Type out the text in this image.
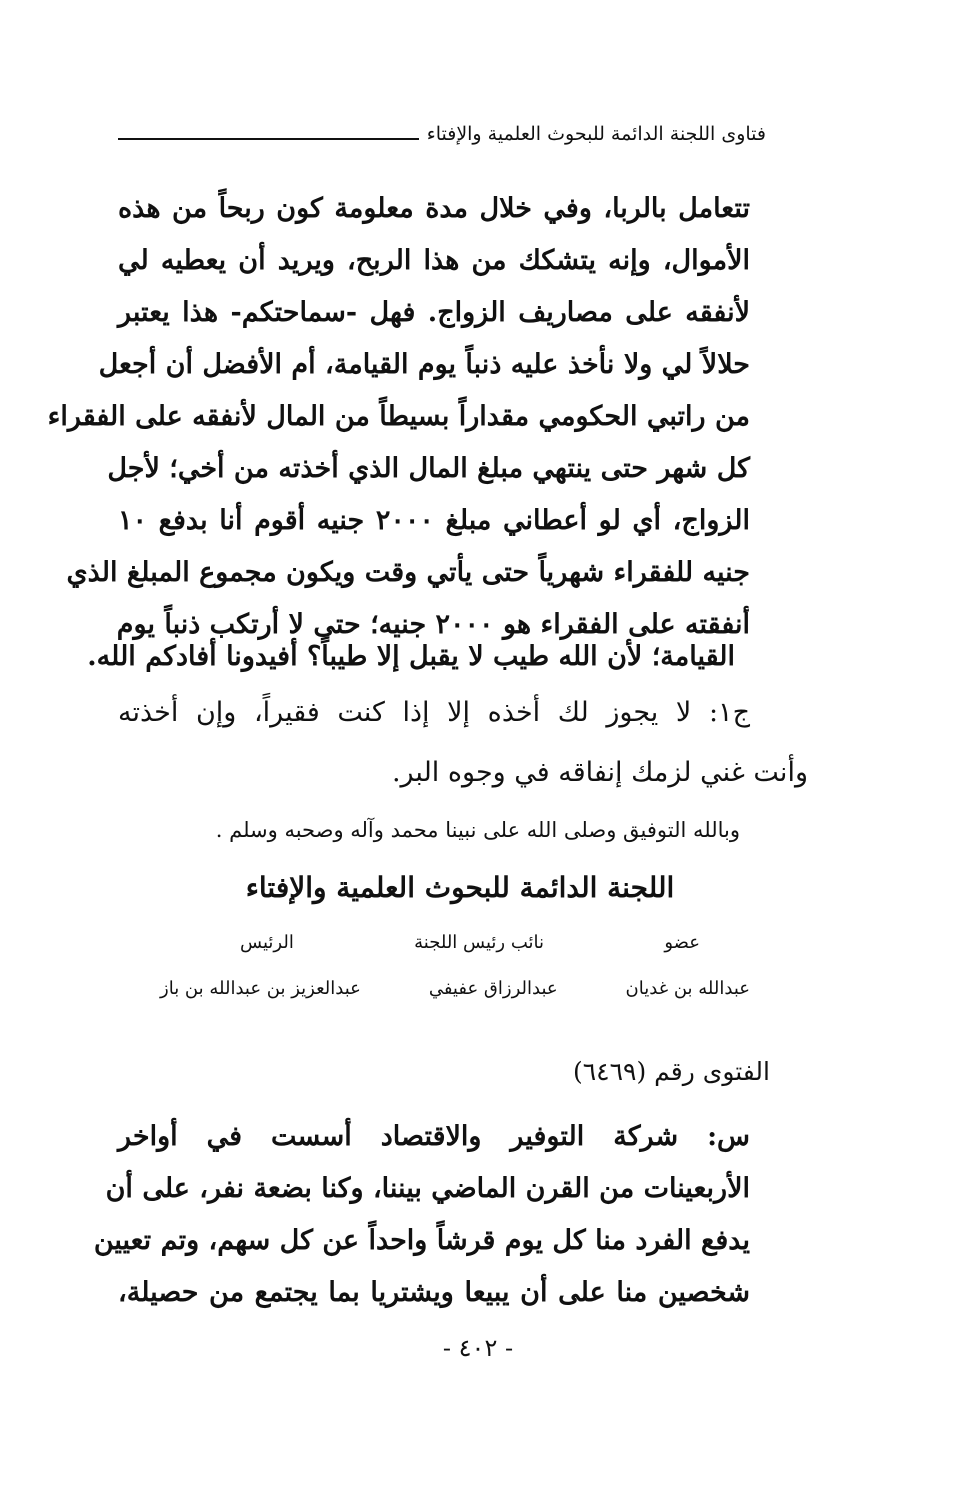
فتاوى اللجنة الدائمة للبحوث العلمية والإفتاء
تتعامل بالربا، وفي خلال مدة معلومة كون ربحاً من هذه
الأموال، وإنه يتشكك من هذا الربح، ويريد أن يعطيه لي
لأنفقه على مصاريف الزواج. فهل -سماحتكم- هذا يعتبر
حلالاً لي ولا نأخذ عليه ذنباً يوم القيامة، أم الأفضل أن أجعل
من راتبي الحكومي مقداراً بسيطاً من المال لأنفقه على الفقراء
كل شهر حتى ينتهي مبلغ المال الذي أخذته من أخي؛ لأجل
الزواج، أي لو أعطاني مبلغ ٢٠٠٠ جنيه أقوم أنا بدفع ١٠
جنيه للفقراء شهرياً حتى يأتي وقت ويكون مجموع المبلغ الذي
أنفقته على الفقراء هو ٢٠٠٠ جنيه؛ حتى لا أرتكب ذنباً يوم
القيامة؛ لأن الله طيب لا يقبل إلا طيباً؟ أفيدونا أفادكم الله.
ج١: لا يجوز لك أخذه إلا إذا كنت فقيراً، وإن أخذته
وأنت غني لزمك إنفاقه في وجوه البر.
وبالله التوفيق وصلى الله على نبينا محمد وآله وصحبه وسلم .
اللجنة الدائمة للبحوث العلمية والإفتاء
عضو
نائب رئيس اللجنة
الرئيس
عبدالله بن غديان
عبدالرزاق عفيفي
عبدالعزيز بن عبدالله بن باز
الفتوى رقم (٦٤٦٩)
س: شركة التوفير والاقتصاد أسست في أواخر
الأربعينات من القرن الماضي بيننا، وكنا بضعة نفر، على أن
يدفع الفرد منا كل يوم قرشاً واحداً عن كل سهم، وتم تعيين
شخصين منا على أن يبيعا ويشتريا بما يجتمع من حصيلة،
- ٤٠٢ -
